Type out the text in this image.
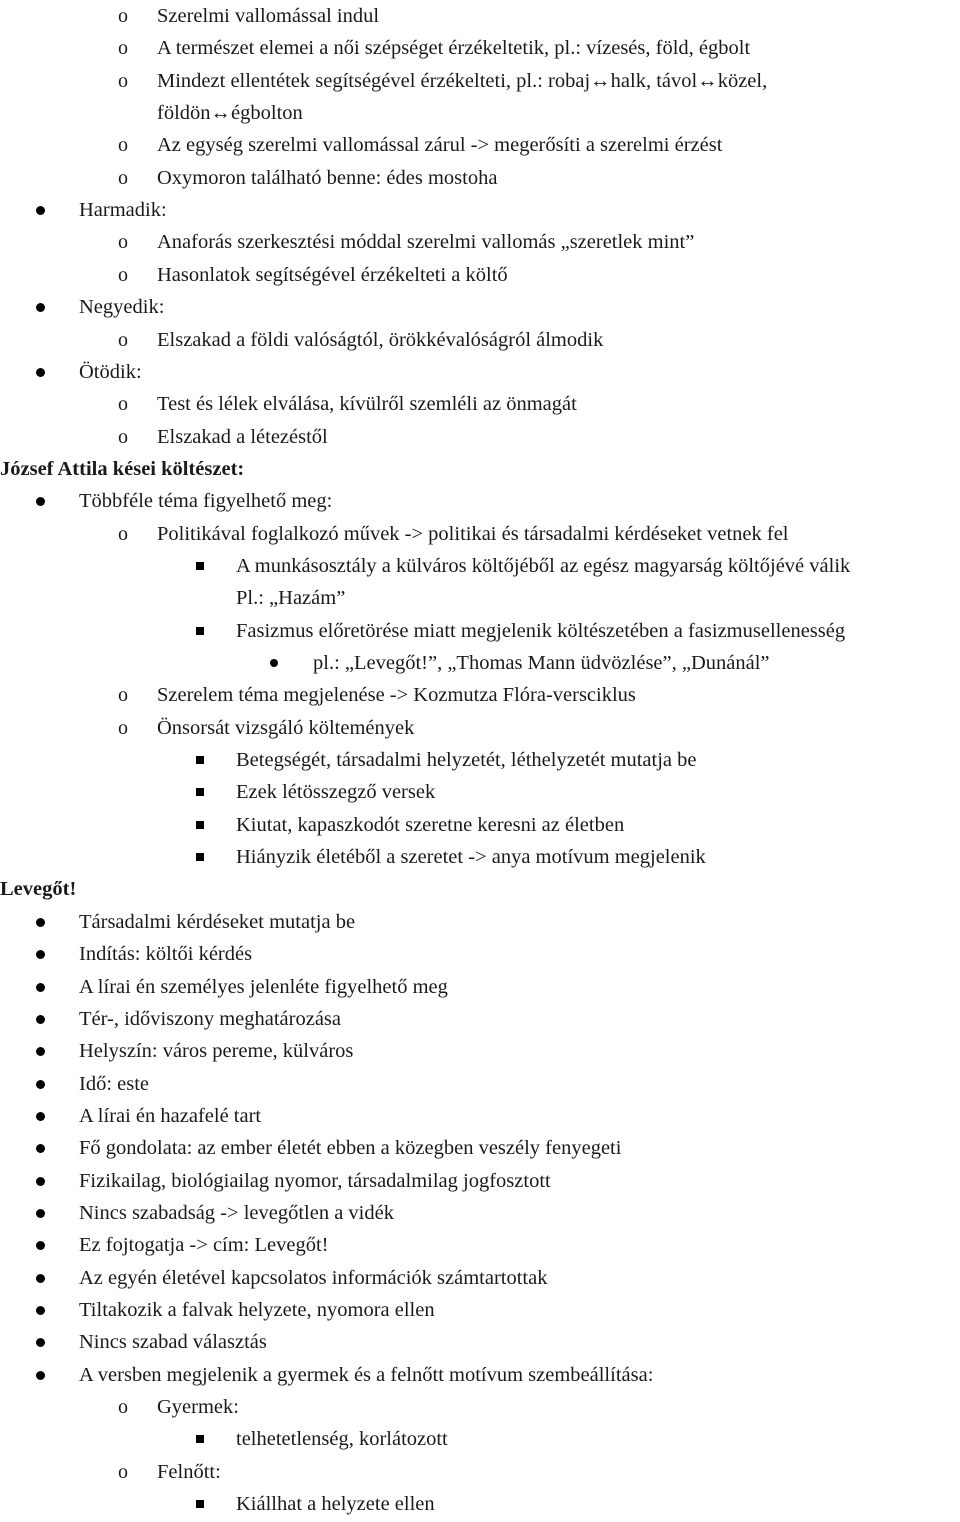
o Szerelmi vallomással indul
o A természet elemei a női szépséget érzékeltetik, pl.: vízesés, föld, égbolt
o Mindezt ellentétek segítségével érzékelteti, pl.: robaj↔halk, távol↔közel,
földön↔égbolton
o Az egység szerelmi vallomással zárul -> megerősíti a szerelmi érzést
o Oxymoron található benne: édes mostoha
Harmadik:
o Anaforás szerkesztési móddal szerelmi vallomás „szeretlek mint”
o Hasonlatok segítségével érzékelteti a költő
Negyedik:
o Elszakad a földi valóságtól, örökkévalóságról álmodik
Ötödik:
o Test és lélek elválása, kívülről szemléli az önmagát
o Elszakad a létezéstől
József Attila kései költészet:
Többféle téma figyelhető meg:
o Politikával foglalkozó művek -> politikai és társadalmi kérdéseket vetnek fel
A munkásosztály a külváros költőjéből az egész magyarság költőjévé válik
Pl.: „Hazám”
Fasizmus előretörése miatt megjelenik költészetében a fasizmusellenesség
pl.: „Levegőt!”, „Thomas Mann üdvözlése”, „Dunánál”
o Szerelem téma megjelenése -> Kozmutza Flóra-versciklus
o Önsorsát vizsgáló költemények
Betegségét, társadalmi helyzetét, léthelyzetét mutatja be
Ezek létösszegző versek
Kiutat, kapaszkodót szeretne keresni az életben
Hiányzik életéből a szeretet -> anya motívum megjelenik
Levegőt!
Társadalmi kérdéseket mutatja be
Indítás: költői kérdés
A lírai én személyes jelenléte figyelhető meg
Tér-, időviszony meghatározása
Helyszín: város pereme, külváros
Idő: este
A lírai én hazafelé tart
Fő gondolata: az ember életét ebben a közegben veszély fenyegeti
Fizikailag, biológiailag nyomor, társadalmilag jogfosztott
Nincs szabadság -> levegőtlen a vidék
Ez fojtogatja -> cím: Levegőt!
Az egyén életével kapcsolatos információk számtartottak
Tiltakozik a falvak helyzete, nyomora ellen
Nincs szabad választás
A versben megjelenik a gyermek és a felnőtt motívum szembeállítása:
o Gyermek:
telhetetlenség, korlátozott
o Felnőtt:
Kiállhat a helyzete ellen
